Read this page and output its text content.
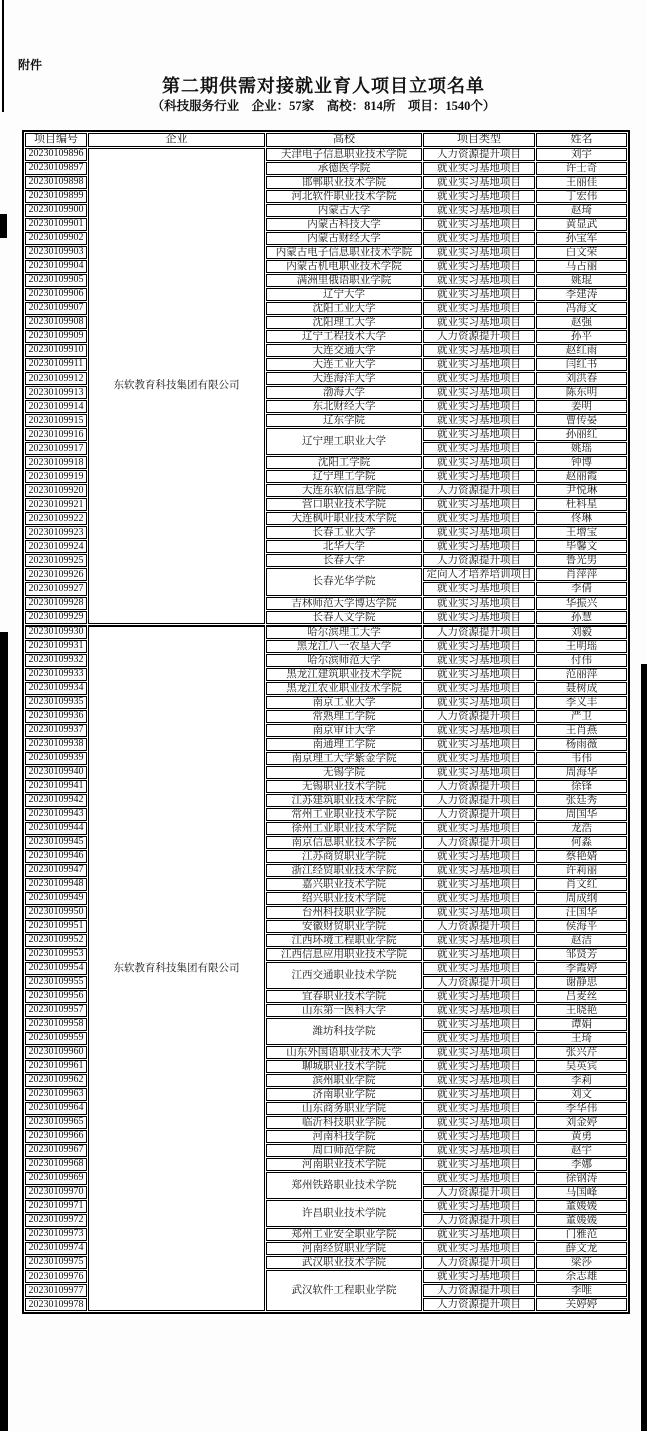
附件
第二期供需对接就业育人项目立项名单
（科技服务行业　企业：57家　高校：814所　项目：1540个）
项目编号	企业	高校	项目类型	姓名
20230109896	东软教育科技集团有限公司	天津电子信息职业技术学院	人力资源提升项目	刘宇
20230109897		承德医学院	就业实习基地项目	许士奇
20230109898		邯郸职业技术学院	就业实习基地项目	王丽佳
20230109899		河北软件职业技术学院	就业实习基地项目	丁宏伟
20230109900		内蒙古大学	就业实习基地项目	赵琦
20230109901		内蒙古科技大学	就业实习基地项目	黄显武
20230109902		内蒙古财经大学	就业实习基地项目	孙宝军
20230109903		内蒙古电子信息职业技术学院	就业实习基地项目	白文荣
20230109904		内蒙古机电职业技术学院	就业实习基地项目	马占丽
20230109905		满洲里俄语职业学院	就业实习基地项目	姚琨
20230109906		辽宁大学	就业实习基地项目	李建涛
20230109907		沈阳工业大学	就业实习基地项目	冯海文
20230109908		沈阳理工大学	就业实习基地项目	赵强
20230109909		辽宁工程技术大学	人力资源提升项目	孙平
20230109910		大连交通大学	就业实习基地项目	赵红雨
20230109911		大连工业大学	就业实习基地项目	闫红书
20230109912		大连海洋大学	就业实习基地项目	刘洪春
20230109913		渤海大学	就业实习基地项目	陈东明
20230109914		东北财经大学	就业实习基地项目	姜明
20230109915		辽东学院	就业实习基地项目	曹传晏
20230109916		辽宁理工职业大学	就业实习基地项目	孙丽红
20230109917			就业实习基地项目	姚瑶
20230109918		沈阳工学院	就业实习基地项目	钟博
20230109919		辽宁理工学院	就业实习基地项目	赵丽霞
20230109920		大连东软信息学院	人力资源提升项目	尹悦琳
20230109921		营口职业技术学院	就业实习基地项目	杜科星
20230109922		大连枫叶职业技术学院	就业实习基地项目	佟琳
20230109923		长春工业大学	就业实习基地项目	王增宝
20230109924		北华大学	就业实习基地项目	毕馨文
20230109925		长春大学	人力资源提升项目	鲁光男
20230109926		长春光华学院	定向人才培养培训项目	肖萍萍
20230109927			就业实习基地项目	李倩
20230109928		吉林师范大学博达学院	就业实习基地项目	华振兴
20230109929		长春人文学院	就业实习基地项目	孙慧
20230109930	东软教育科技集团有限公司	哈尔滨理工大学	人力资源提升项目	刘毅
20230109931		黑龙江八一农垦大学	就业实习基地项目	王明瑶
20230109932		哈尔滨师范大学	就业实习基地项目	付伟
20230109933		黑龙江建筑职业技术学院	就业实习基地项目	范丽萍
20230109934		黑龙江农业职业技术学院	就业实习基地项目	聂树成
20230109935		南京工业大学	就业实习基地项目	李义丰
20230109936		常熟理工学院	人力资源提升项目	严卫
20230109937		南京审计大学	就业实习基地项目	王肖燕
20230109938		南通理工学院	就业实习基地项目	杨雨薇
20230109939		南京理工大学紫金学院	就业实习基地项目	韦伟
20230109940		无锡学院	就业实习基地项目	周海华
20230109941		无锡职业技术学院	人力资源提升项目	徐锋
20230109942		江苏建筑职业技术学院	人力资源提升项目	张廷秀
20230109943		常州工业职业技术学院	人力资源提升项目	周国华
20230109944		徐州工业职业技术学院	就业实习基地项目	龙浩
20230109945		南京信息职业技术学院	人力资源提升项目	何淼
20230109946		江苏商贸职业学院	就业实习基地项目	蔡艳婧
20230109947		浙江经贸职业技术学院	就业实习基地项目	许莉丽
20230109948		嘉兴职业技术学院	就业实习基地项目	肖文红
20230109949		绍兴职业技术学院	就业实习基地项目	周成纲
20230109950		台州科技职业学院	就业实习基地项目	汪国华
20230109951		安徽财贸职业学院	人力资源提升项目	侯海平
20230109952		江西环境工程职业学院	就业实习基地项目	赵洁
20230109953		江西信息应用职业技术学院	就业实习基地项目	邹贤芳
20230109954		江西交通职业技术学院	就业实习基地项目	李霞婷
20230109955			人力资源提升项目	谢静思
20230109956		宜春职业技术学院	就业实习基地项目	吕麦丝
20230109957		山东第一医科大学	就业实习基地项目	王晓艳
20230109958		潍坊科技学院	就业实习基地项目	谭娟
20230109959			就业实习基地项目	王琦
20230109960		山东外国语职业技术大学	就业实习基地项目	张兴芹
20230109961		聊城职业技术学院	就业实习基地项目	吴英宾
20230109962		滨州职业学院	就业实习基地项目	李莉
20230109963		济南职业学院	就业实习基地项目	刘文
20230109964		山东商务职业学院	就业实习基地项目	李华伟
20230109965		临沂科技职业学院	就业实习基地项目	刘金婷
20230109966		河南科技学院	就业实习基地项目	黄勇
20230109967		周口师范学院	就业实习基地项目	赵宇
20230109968		河南职业技术学院	就业实习基地项目	李娜
20230109969		郑州铁路职业技术学院	就业实习基地项目	徐钢涛
20230109970			人力资源提升项目	马国峰
20230109971		许昌职业技术学院	就业实习基地项目	董媛媛
20230109972			人力资源提升项目	董媛媛
20230109973		郑州工业安全职业学院	就业实习基地项目	门雅范
20230109974		河南经贸职业学院	就业实习基地项目	薛文龙
20230109975		武汉职业技术学院	人力资源提升项目	梁莎
20230109976		武汉软件工程职业学院	就业实习基地项目	余志雄
20230109977			人力资源提升项目	李唯
20230109978			人力资源提升项目	关婷婷
